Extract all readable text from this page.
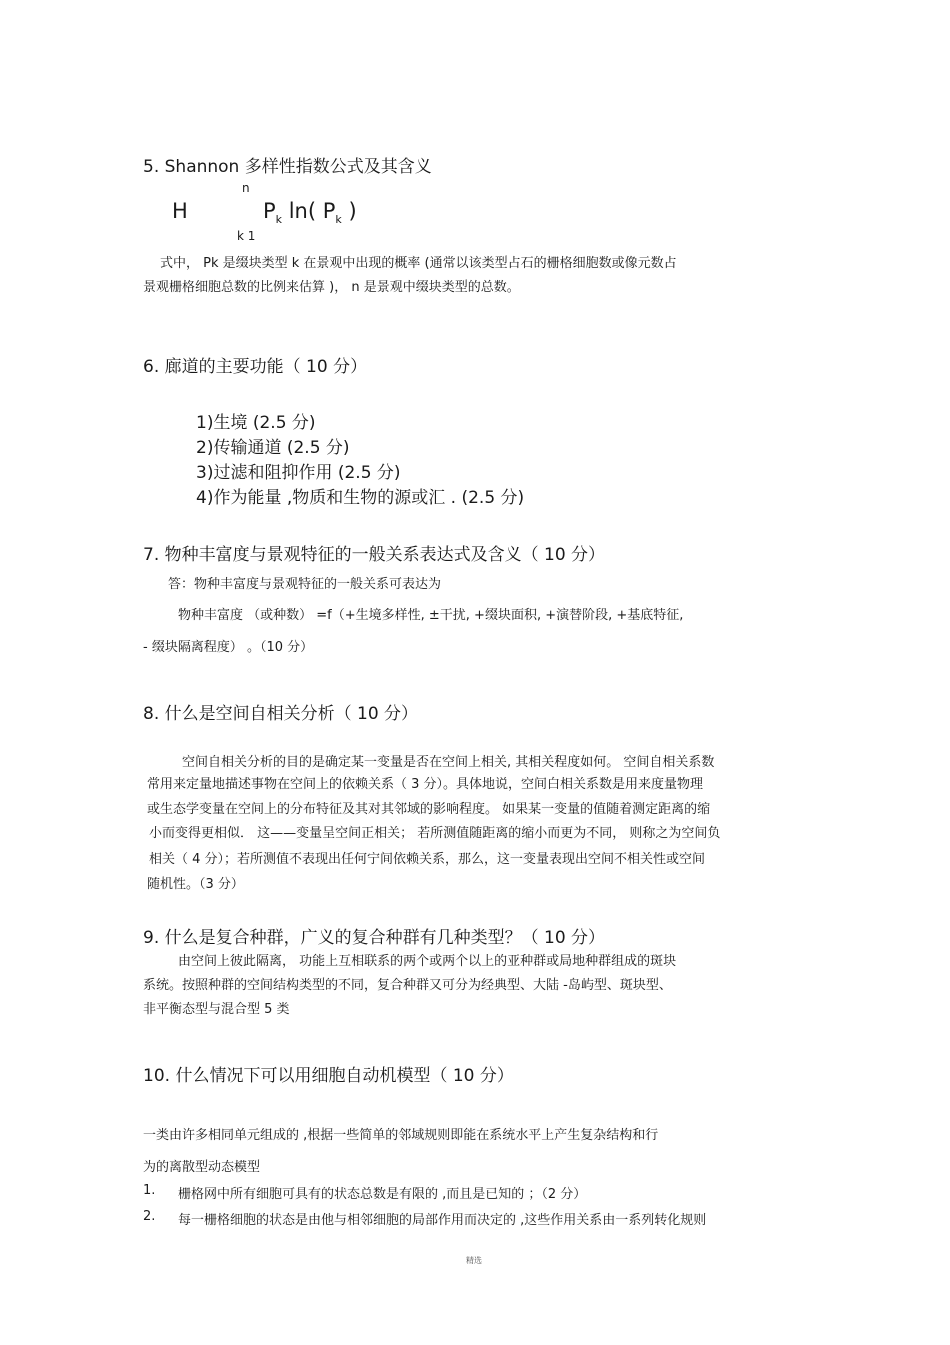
5. Shannon 多样性指数公式及其含义
H
n
k 1
$P_k$ ln( $P_k$ )
式中， Pk 是缀块类型 k 在景观中出现的概率 (通常以该类型占石的栅格细胞数或像元数占
景观栅格细胞总数的比例来估算 )， n 是景观中缀块类型的总数。
6. 廊道的主要功能（ 10 分）
1)生境 (2.5 分)
2)传输通道 (2.5 分)
3)过滤和阻抑作用 (2.5 分)
4)作为能量 ,物质和生物的源或汇 . (2.5 分)
7. 物种丰富度与景观特征的一般关系表达式及含义（ 10 分）
答：物种丰富度与景观特征的一般关系可表达为
物种丰富度 （或种数） =f（+生境多样性, ±干扰, +缀块面积, +演替阶段, +基底特征,
- 缀块隔离程度） 。（10 分）
8. 什么是空间自相关分析（ 10 分）
空间自相关分析的目的是确定某一变量是否在空间上相关, 其相关程度如何。 空间自相关系数
常用来定量地描述事物在空间上的依赖关系（ 3 分）。具体地说，空间白相关系数是用来度量物理
或生态学变量在空间上的分布特征及其对其邻域的影响程度。 如果某一变量的值随着测定距离的缩
小而变得更相似． 这——变量呈空间正相关； 若所测值随距离的缩小而更为不同， 则称之为空间负
相关（ 4 分）；若所测值不表现出任何宁间依赖关系，那么，这一变量表现出空间不相关性或空间
随机性。（3 分）
9. 什么是复合种群，广义的复合种群有几种类型？（ 10 分）
由空间上彼此隔离， 功能上互相联系的两个或两个以上的亚种群或局地种群组成的斑块
系统。按照种群的空间结构类型的不同，复合种群又可分为经典型、大陆 -岛屿型、斑块型、
非平衡态型与混合型 5 类
10. 什么情况下可以用细胞自动机模型（ 10 分）
一类由许多相同单元组成的 ,根据一些简单的邻域规则即能在系统水平上产生复杂结构和行
为的离散型动态模型
1. 栅格网中所有细胞可具有的状态总数是有限的 ,而且是已知的 ；（2 分）
2. 每一栅格细胞的状态是由他与相邻细胞的局部作用而决定的 ,这些作用关系由一系列转化规则
精选
